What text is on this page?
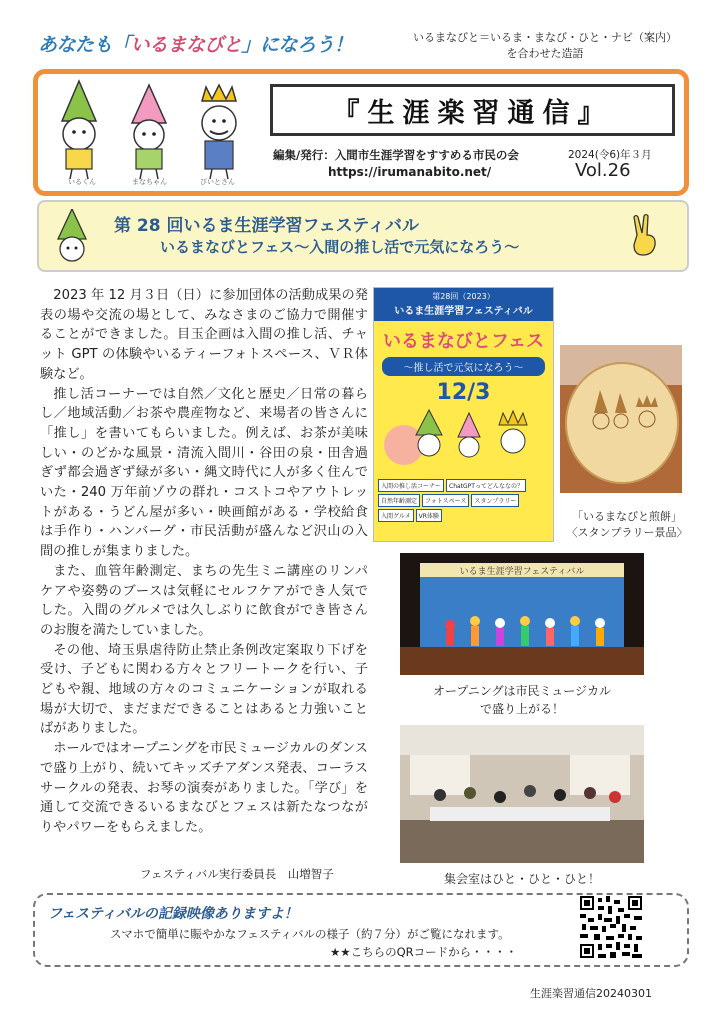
あなたも「いるまなびと」になろう！	いるまなびと＝いるま・まなび・ひと・ナビ（案内）
を合わせた造語
いるくん	まなちゃん	びいとさん
『生涯楽習通信』
編集/発行：入間市生涯学習をすすめる市民の会
https://irumanabito.net/
2024(令6)年３月
Vol.26
第 28 回いるま生涯学習フェスティバル
いるまなびとフェス～入間の推し活で元気になろう～

2023 年 12 月３日（日）に参加団体の活動成果の発表の場や交流の場として、みなさまのご協力で開催することができました。目玉企画は入間の推し活、チャット GPT の体験やいるティーフォトスペース、ＶＲ体験など。

推し活コーナーでは自然／文化と歴史／日常の暮らし／地域活動／お茶や農産物など、来場者の皆さんに「推し」を書いてもらいました。例えば、お茶が美味しい・のどかな風景・清流入間川・谷田の泉・田舎過ぎず都会過ぎず緑が多い・縄文時代に人が多く住んでいた・240 万年前ゾウの群れ・コストコやアウトレットがある・うどん屋が多い・映画館がある・学校給食は手作り・ハンバーグ・市民活動が盛んなど沢山の入間の推しが集まりました。

また、血管年齢測定、まちの先生ミニ講座のリンパケアや姿勢のブースは気軽にセルフケアができ人気でした。入間のグルメでは久しぶりに飲食ができ皆さんのお腹を満たしていました。

その他、埼玉県虐待防止禁止条例改定案取り下げを受け、子どもに関わる方々とフリートークを行い、子どもや親、地域の方々のコミュニケーションが取れる場が大切で、まだまだできることはあると力強いことばがありました。

ホールではオープニングを市民ミュージカルのダンスで盛り上がり、続いてキッズチアダンス発表、コーラスサークルの発表、お琴の演奏がありました。「学び」を通して交流できるいるまなびとフェスは新たなつながりやパワーをもらえました。

フェスティバル実行委員長　山増智子
第28回（2023）
いるま生涯学習フェスティバル
いるまなびとフェス
～推し活で元気になろう～
12/3
入間の推し活コーナー	ChatGPTってどんななの？
自然年齢測定	フォトスペース	スタンプラリー
入間グルメ	VR体験	「いるまなびと煎餅」
〈スタンプラリー景品〉
いるま生涯学習フェスティバル
オープニングは市民ミュージカル
で盛り上がる！
集会室はひと・ひと・ひと！
フェスティバルの記録映像ありますよ！
スマホで簡単に賑やかなフェスティバルの様子（約７分）がご覧になれます。
★★こちらのQRコードから・・・・
生涯楽習通信20240301
